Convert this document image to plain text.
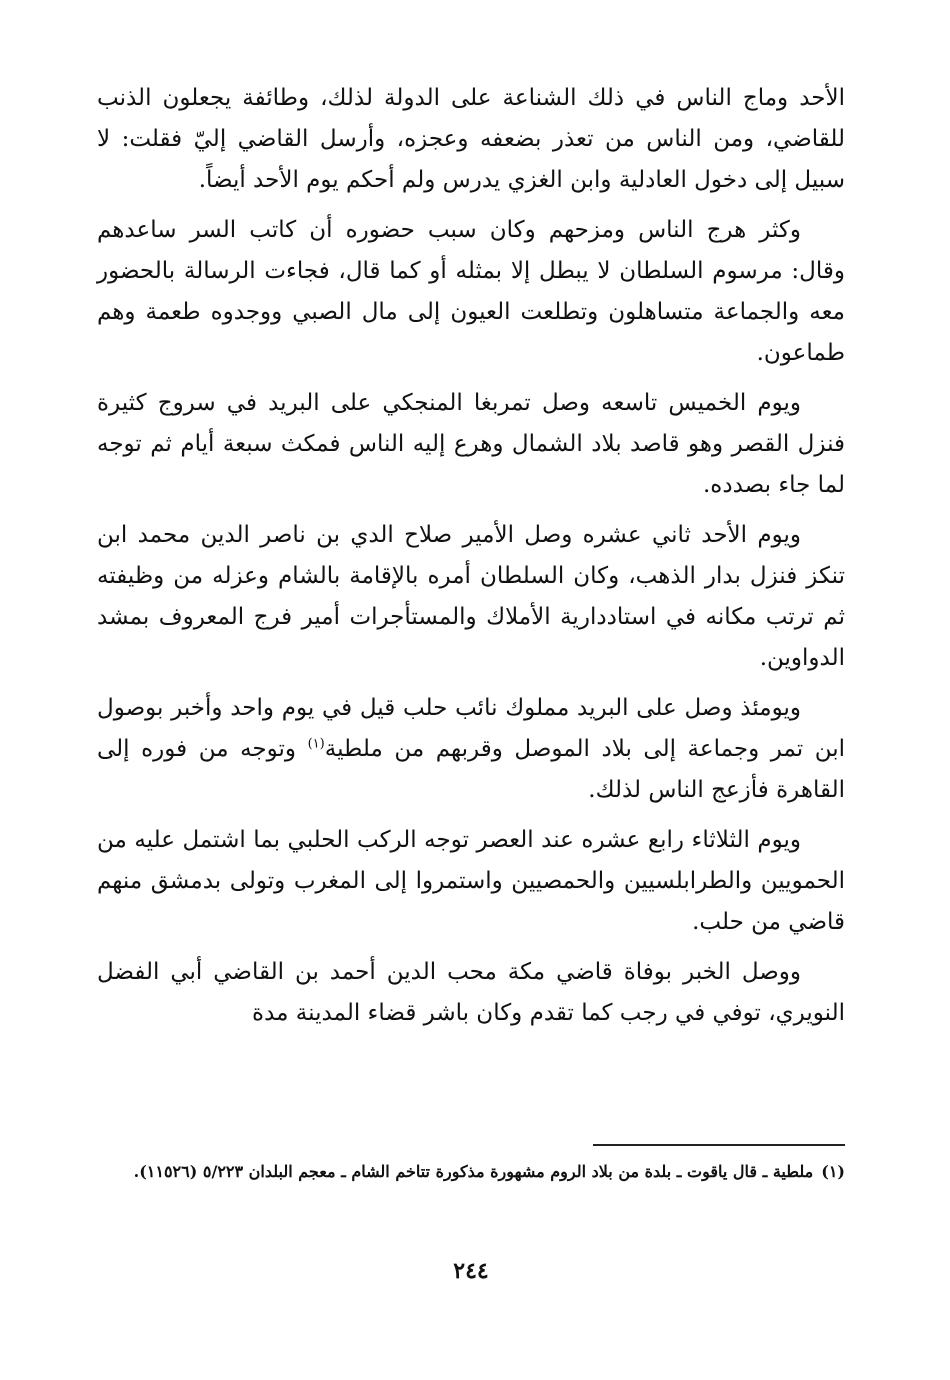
الأحد وماج الناس في ذلك الشناعة على الدولة لذلك، وطائفة يجعلون الذنب للقاضي، ومن الناس من تعذر بضعفه وعجزه، وأرسل القاضي إليّ فقلت: لا سبيل إلى دخول العادلية وابن الغزي يدرس ولم أحكم يوم الأحد أيضاً.

وكثر هرج الناس ومزحهم وكان سبب حضوره أن كاتب السر ساعدهم وقال: مرسوم السلطان لا يبطل إلا بمثله أو كما قال، فجاءت الرسالة بالحضور معه والجماعة متساهلون وتطلعت العيون إلى مال الصبي ووجدوه طعمة وهم طماعون.

ويوم الخميس تاسعه وصل تمربغا المنجكي على البريد في سروج كثيرة فنزل القصر وهو قاصد بلاد الشمال وهرع إليه الناس فمكث سبعة أيام ثم توجه لما جاء بصدده.

ويوم الأحد ثاني عشره وصل الأمير صلاح الدي بن ناصر الدين محمد ابن تنكز فنزل بدار الذهب، وكان السلطان أمره بالإقامة بالشام وعزله من وظيفته ثم ترتب مكانه في استاددارية الأملاك والمستأجرات أمير فرج المعروف بمشد الدواوين.

ويومئذ وصل على البريد مملوك نائب حلب قيل في يوم واحد وأخبر بوصول ابن تمر وجماعة إلى بلاد الموصل وقربهم من ملطية$^{(١)}$ وتوجه من فوره إلى القاهرة فأزعج الناس لذلك.

ويوم الثلاثاء رابع عشره عند العصر توجه الركب الحلبي بما اشتمل عليه من الحمويين والطرابلسيين والحمصيين واستمروا إلى المغرب وتولى بدمشق منهم قاضي من حلب.

ووصل الخبر بوفاة قاضي مكة محب الدين أحمد بن القاضي أبي الفضل النويري، توفي في رجب كما تقدم وكان باشر قضاء المدينة مدة

(١)ملطية ـ قال ياقوت ـ بلدة من بلاد الروم مشهورة مذكورة تتاخم الشام ـ معجم البلدان ٥/٢٢٣ (١١٥٢٦).
٢٤٤
